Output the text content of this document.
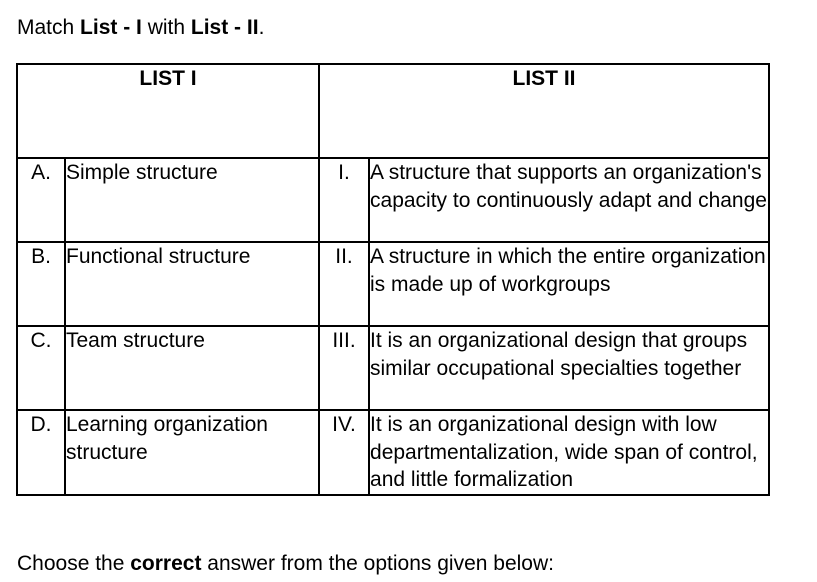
Match List - I with List - II.
LIST I		LIST II	
A.	Simple structure	I.	A structure that supports an organization's capacity to continuously adapt and change
B.	Functional structure	II.	A structure in which the entire organization is made up of workgroups
C.	Team structure	III.	It is an organizational design that groups similar occupational specialties together
D.	Learning organization structure	IV.	It is an organizational design with low departmentalization, wide span of control, and little formalization
Choose the correct answer from the options given below:
